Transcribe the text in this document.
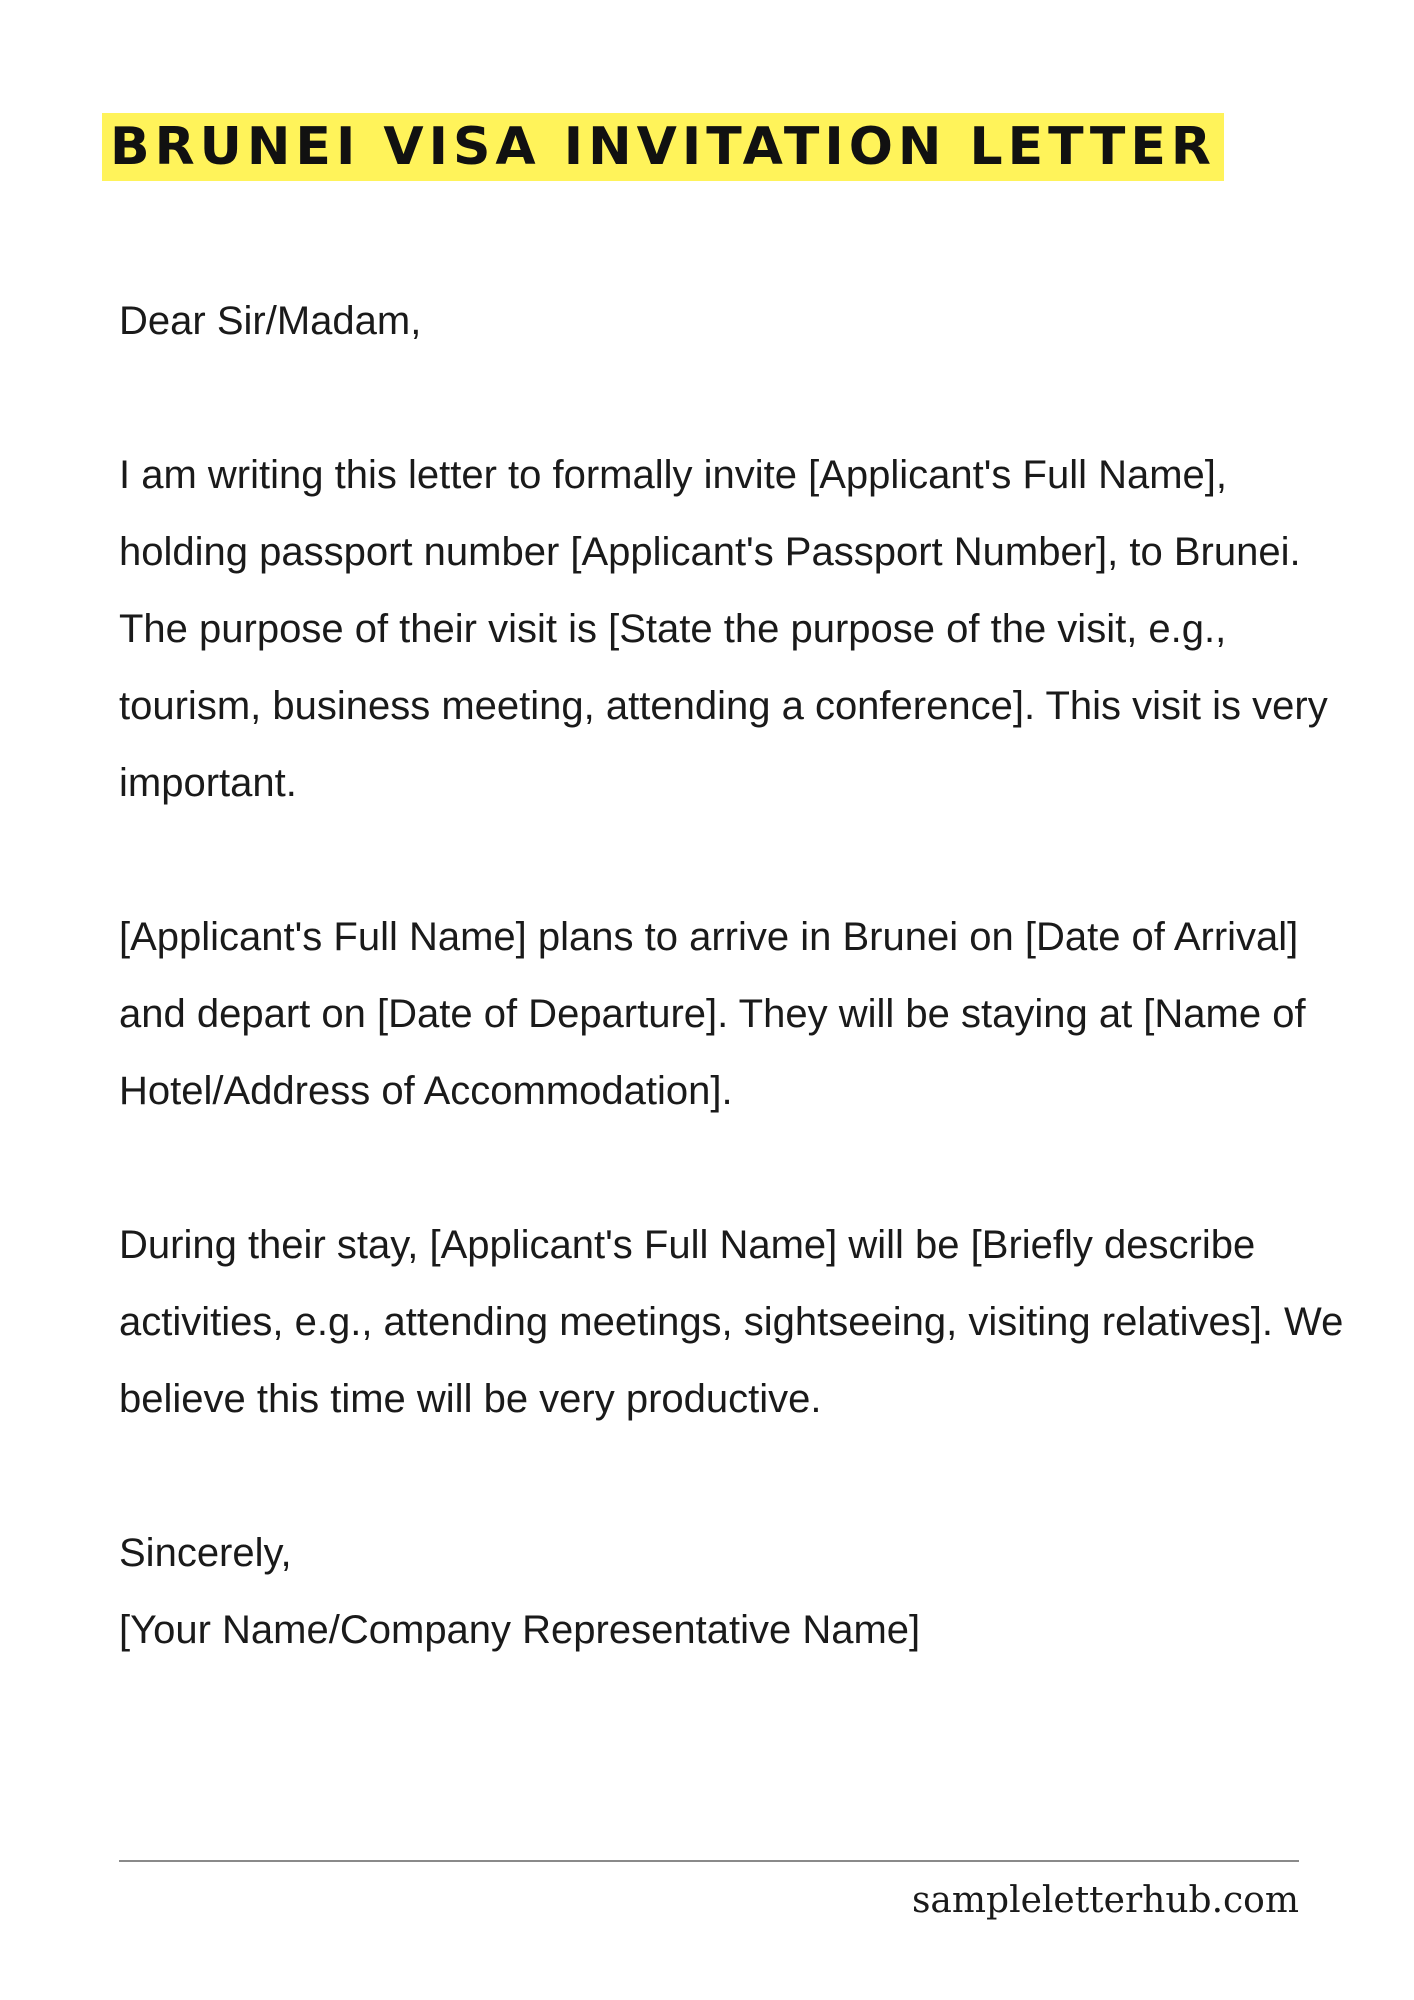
BRUNEI VISA INVITATION LETTER

Dear Sir/Madam,

I am writing this letter to formally invite [Applicant's Full Name], holding passport number [Applicant's Passport Number], to Brunei. The purpose of their visit is [State the purpose of the visit, e.g., tourism, business meeting, attending a conference]. This visit is very important.

[Applicant's Full Name] plans to arrive in Brunei on [Date of Arrival] and depart on [Date of Departure]. They will be staying at [Name of Hotel/Address of Accommodation].

During their stay, [Applicant's Full Name] will be [Briefly describe activities, e.g., attending meetings, sightseeing, visiting relatives]. We believe this time will be very productive.

Sincerely,

[Your Name/Company Representative Name]

sampleletterhub.com
